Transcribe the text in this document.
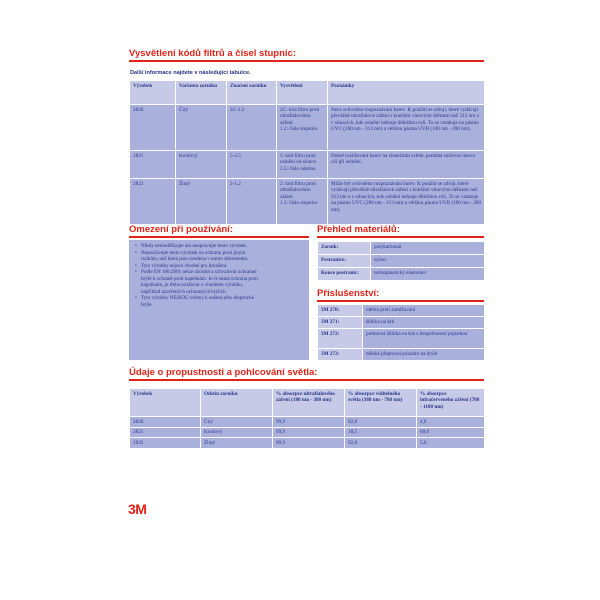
Vysvětlení kódů filtrů a čísel stupnic:
Další informace najdete v následující tabulce.
Výrobek	Varianta zorníku	Značení zorníku	Vysvětlení	Poznámky
2820	Čirý	2C-1.2	2C: kód filtru proti ultrafialovému záření
1.2: číslo stupnice	Není ovlivněno rozpoznávání barev. K použití se zdroji, které vydávají převážně ultrafialové záření s kratšími vlnovými délkami než 313 nm a v situacích, kde oslnění nehraje důležitou roli. To se vztahuje na pásmo UVC (280 nm - 313 nm) a většinu pásma UVB (100 nm - 280 nm).
2821	Kouřový	5-2.5	5: kód filtru proti oslnění od slunce
2.5: číslo odstínu	Dobré rozlišování barev na slunečním světle, pomáhá snižovat únavu očí při oslnění.
2822	Žlutý	2-1.2	2: kód filtru proti ultrafialovému záření
1.2: číslo stupnice	Může být ovlivněno rozpoznávání barev. K použití se zdroji, které vydávají převážně ultrafialové záření s kratšími vlnovými délkami než 313 nm a v situacích, kde oslnění nehraje důležitou roli. To se vztahuje na pásmo UVC (280 nm - 313 nm) a většinu pásma UVB (100 nm - 280 nm).
Omezení při používání:
• Nikdy nemodifikujte ani neupravujte tento výrobek.
• Nepoužívejte tento výrobek na ochranu proti jiným
rizikům, než která jsou uvedena v tomto dokumentu.
• Tyto výrobky nejsou vhodné pro broušení.
• Podle EN 166:2001 nelze zkoušet a schvalovat ochranné
brýle k ochraně proti kapénkám. Je-li nutná ochrana proti
kapalinám, je třeba uvažovat o vhodném výrobku,
například uzavřených ochranných brýlích.
• Tyto výrobky NEJSOU určeny k nošení přes dioptrické
brýle.
Přehled materiálů:
Zorník:	polykarbonát
Postranice:	nylon
Konce postranic:	termoplastický elastomer
Příslušenství:
3M 270:	utěrka proti zamlžování
3M 271:	šňůrka na krk
3M 272:	prémiová šňůrka na krk s bezpečnostní pojistkou
3M 273:	měkké přepravní pouzdro na brýle
Údaje o propustnosti a pohlcování světla:
Výrobek	Odstín zorníku	% absorpce ultrafialového záření (180 nm - 380 nm)	% absorpce viditelného světla (380 nm - 780 nm)	% absorpce infračerveného záření (780 - 1100 nm)
2820	Čirý	99,9	92,8	4,8
2821	Kouřový	99,9	18,5	60,0
2822	Žlutý	99,9	92,8	5,0
3M
